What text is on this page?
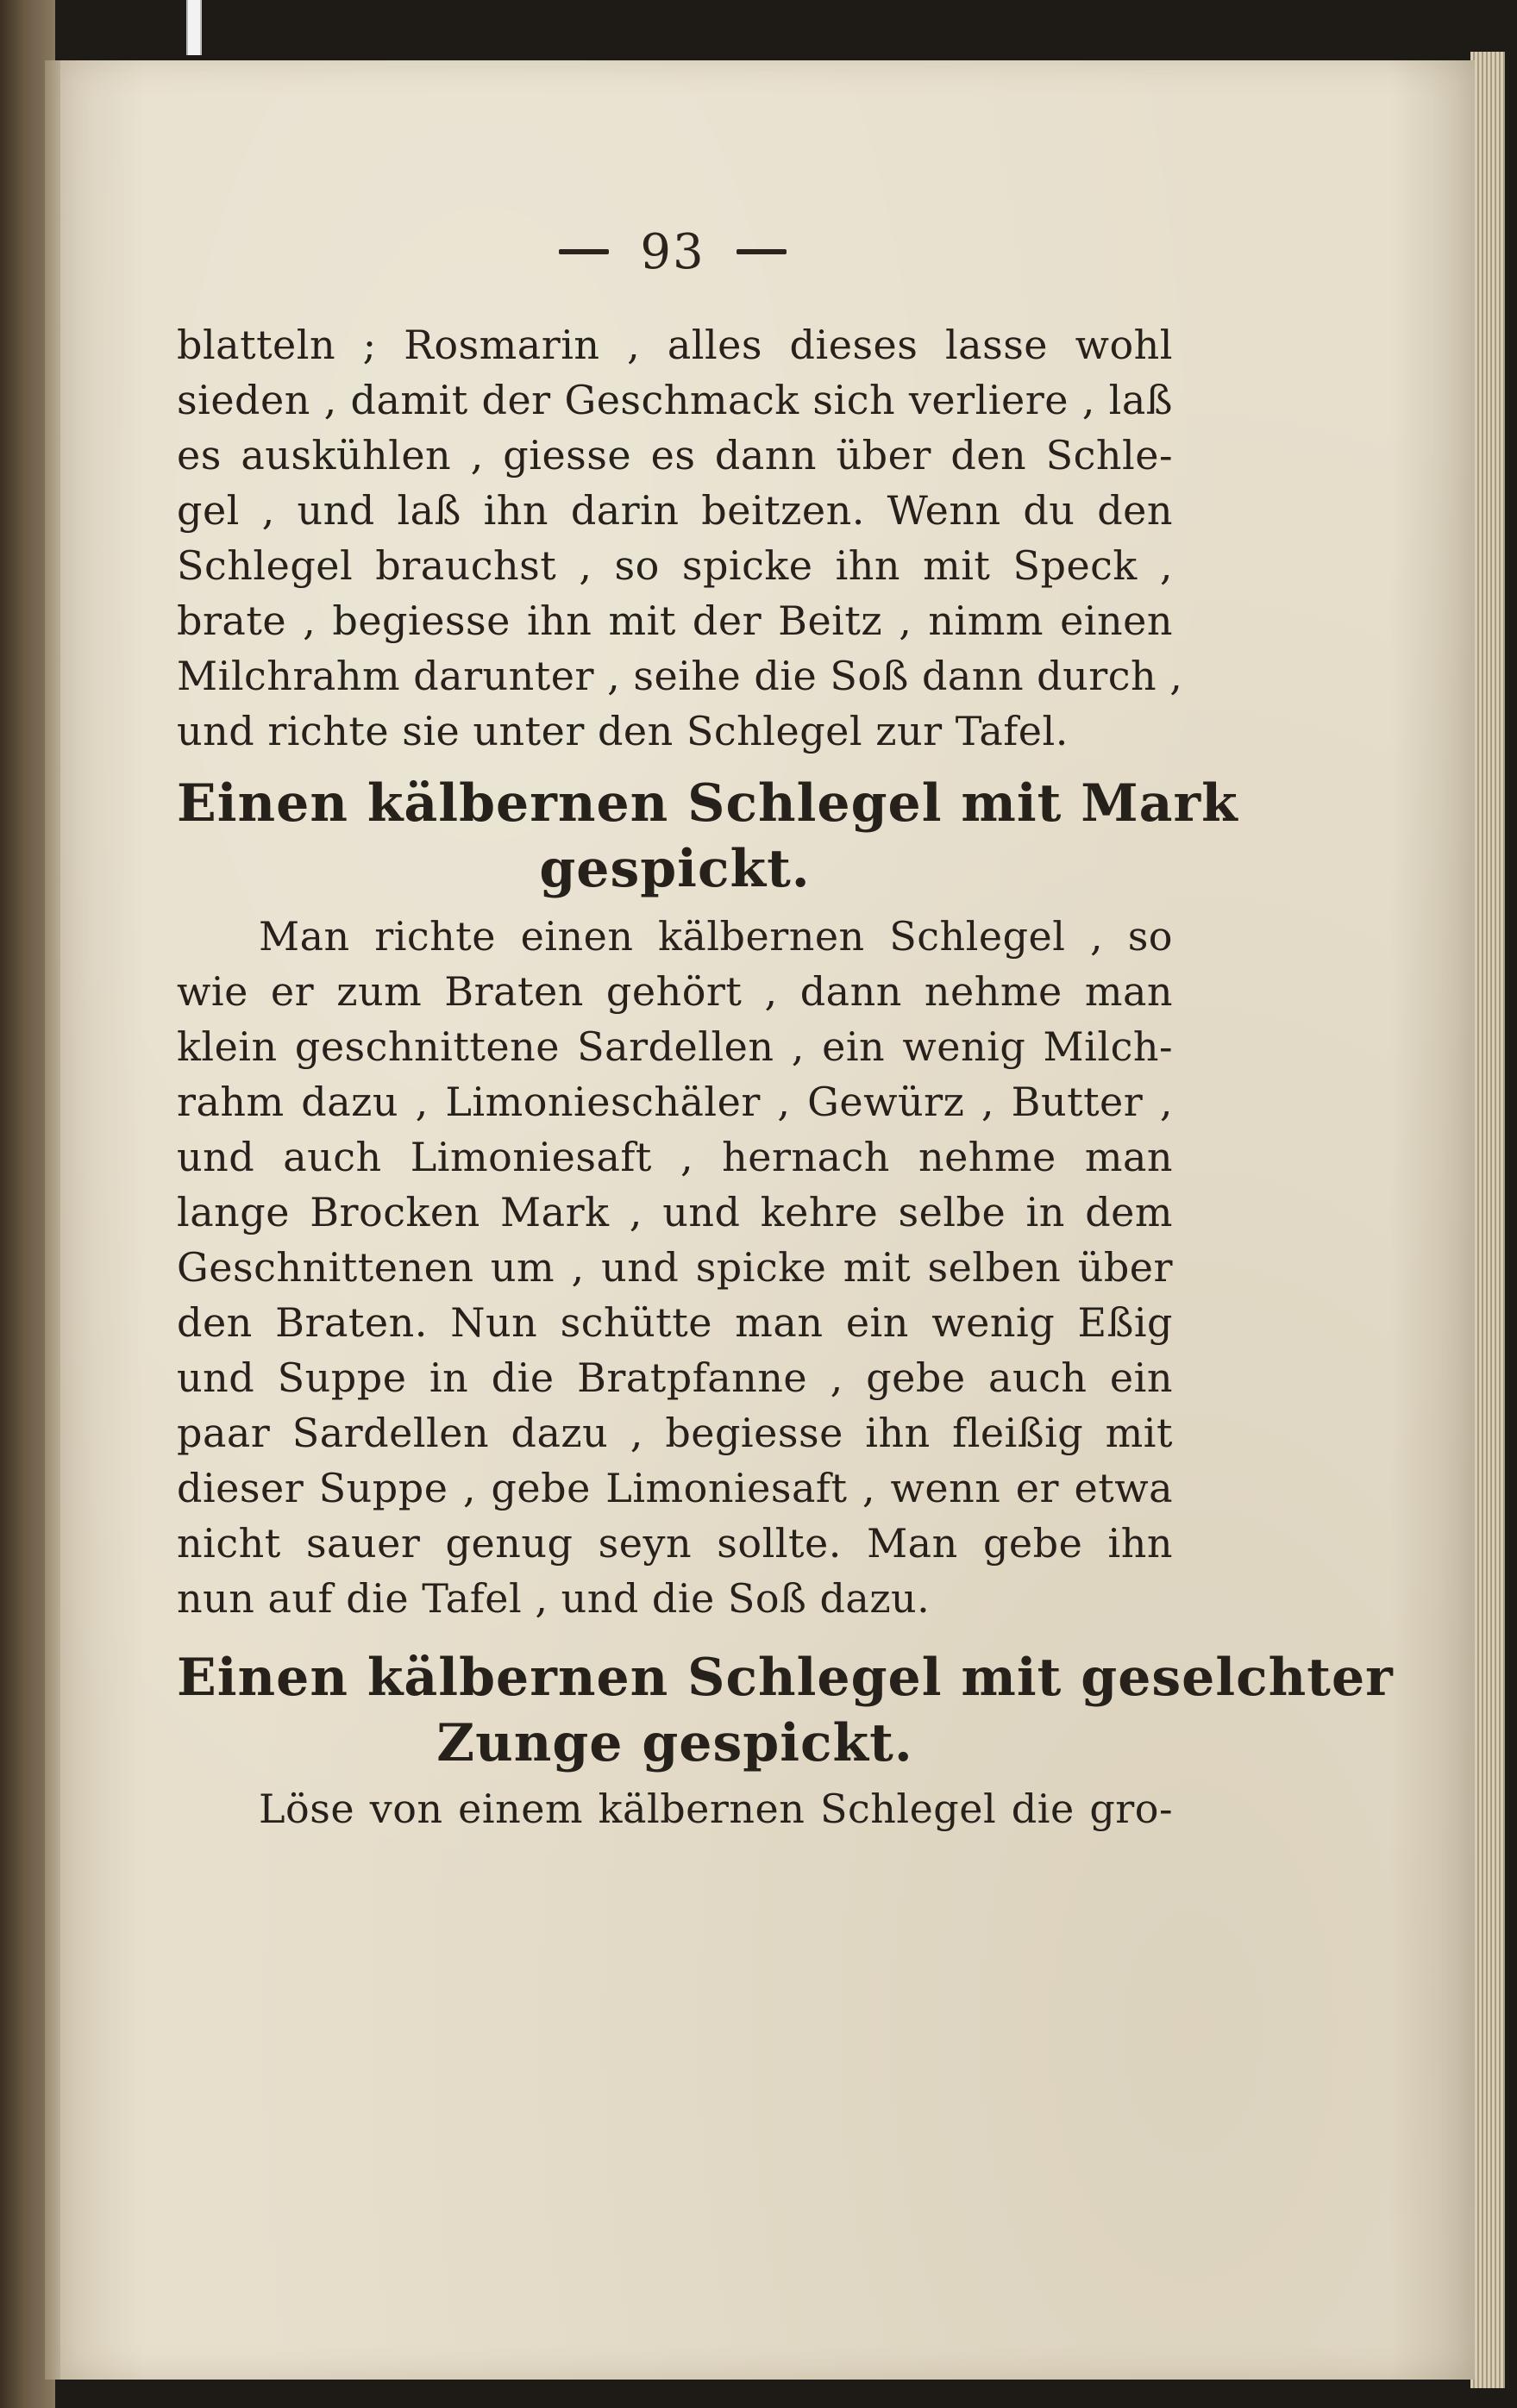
93
blatteln ; Rosmarin , alles dieses lasse wohl
sieden , damit der Geschmack sich verliere , laß
es auskühlen , giesse es dann über den Schle-
gel , und laß ihn darin beitzen. Wenn du den
Schlegel brauchst , so spicke ihn mit Speck ,
brate , begiesse ihn mit der Beitz , nimm einen
Milchrahm darunter , seihe die Soß dann durch ,
und richte sie unter den Schlegel zur Tafel.
Einen kälbernen Schlegel mit Mark
gespickt.
Man richte einen kälbernen Schlegel , so
wie er zum Braten gehört , dann nehme man
klein geschnittene Sardellen , ein wenig Milch-
rahm dazu , Limonieschäler , Gewürz , Butter ,
und auch Limoniesaft , hernach nehme man
lange Brocken Mark , und kehre selbe in dem
Geschnittenen um , und spicke mit selben über
den Braten. Nun schütte man ein wenig Eßig
und Suppe in die Bratpfanne , gebe auch ein
paar Sardellen dazu , begiesse ihn fleißig mit
dieser Suppe , gebe Limoniesaft , wenn er etwa
nicht sauer genug seyn sollte. Man gebe ihn
nun auf die Tafel , und die Soß dazu.
Einen kälbernen Schlegel mit geselchter
Zunge gespickt.
Löse von einem kälbernen Schlegel die gro-
